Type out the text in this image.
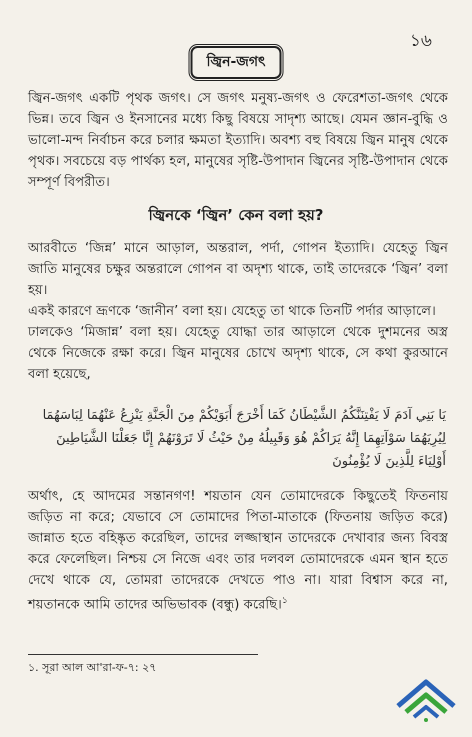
১৬
জ্বিন-জগৎ

জ্বিন-জগৎ একটি পৃথক জগৎ। সে জগৎ মনুষ্য-জগৎ ও ফেরেশতা-জগৎ থেকে ভিন্ন। তবে জ্বিন ও ইনসানের মধ্যে কিছু বিষয়ে সাদৃশ্য আছে। যেমন জ্ঞান-বুদ্ধি ও ভালো-মন্দ নির্বাচন করে চলার ক্ষমতা ইত্যাদি। অবশ্য বহু বিষয়ে জ্বিন মানুষ থেকে পৃথক। সবচেয়ে বড় পার্থক্য হল, মানুষের সৃষ্টি-উপাদান জ্বিনের সৃষ্টি-উপাদান থেকে সম্পূর্ণ বিপরীত।

জ্বিনকে ‘জ্বিন’ কেন বলা হয়?

আরবীতে ‘জিন্ন’ মানে আড়াল, অন্তরাল, পর্দা, গোপন ইত্যাদি। যেহেতু জ্বিন জাতি মানুষের চক্ষুর অন্তরালে গোপন বা অদৃশ্য থাকে, তাই তাদেরকে ‘জ্বিন’ বলা হয়।

একই কারণে ভ্রূণকে ‘জানীন’ বলা হয়। যেহেতু তা থাকে তিনটি পর্দার আড়ালে।

ঢালকেও ‘মিজান্ন’ বলা হয়। যেহেতু যোদ্ধা তার আড়ালে থেকে দুশমনের অস্ত্র থেকে নিজেকে রক্ষা করে। জ্বিন মানুষের চোখে অদৃশ্য থাকে, সে কথা কুরআনে বলা হয়েছে,

يَا بَنِي آدَمَ لَا يَفْتِنَنَّكُمُ الشَّيْطَانُ كَمَا أَخْرَجَ أَبَوَيْكُمْ مِنَ الْجَنَّةِ يَنْزِعُ عَنْهُمَا لِبَاسَهُمَا

لِيُرِيَهُمَا سَوْآتِهِمَا إِنَّهُ يَرَاكُمْ هُوَ وَقَبِيلُهُ مِنْ حَيْثُ لَا تَرَوْنَهُمْ إِنَّا جَعَلْنَا الشَّيَاطِينَ

أَوْلِيَاءَ لِلَّذِينَ لَا يُؤْمِنُونَ

অর্থাৎ, হে আদমের সন্তানগণ! শয়তান যেন তোমাদেরকে কিছুতেই ফিতনায় জড়িত না করে; যেভাবে সে তোমাদের পিতা-মাতাকে (ফিতনায় জড়িত করে) জান্নাত হতে বহিষ্কৃত করেছিল, তাদের লজ্জাস্থান তাদেরকে দেখাবার জন্য বিবস্ত্র করে ফেলেছিল। নিশ্চয় সে নিজে এবং তার দলবল তোমাদেরকে এমন স্থান হতে দেখে থাকে যে, তোমরা তাদেরকে দেখতে পাও না। যারা বিশ্বাস করে না, শয়তানকে আমি তাদের অভিভাবক (বন্ধু) করেছি।$^১$

১. সূরা আল আ'রা-ফ-৭: ২৭
